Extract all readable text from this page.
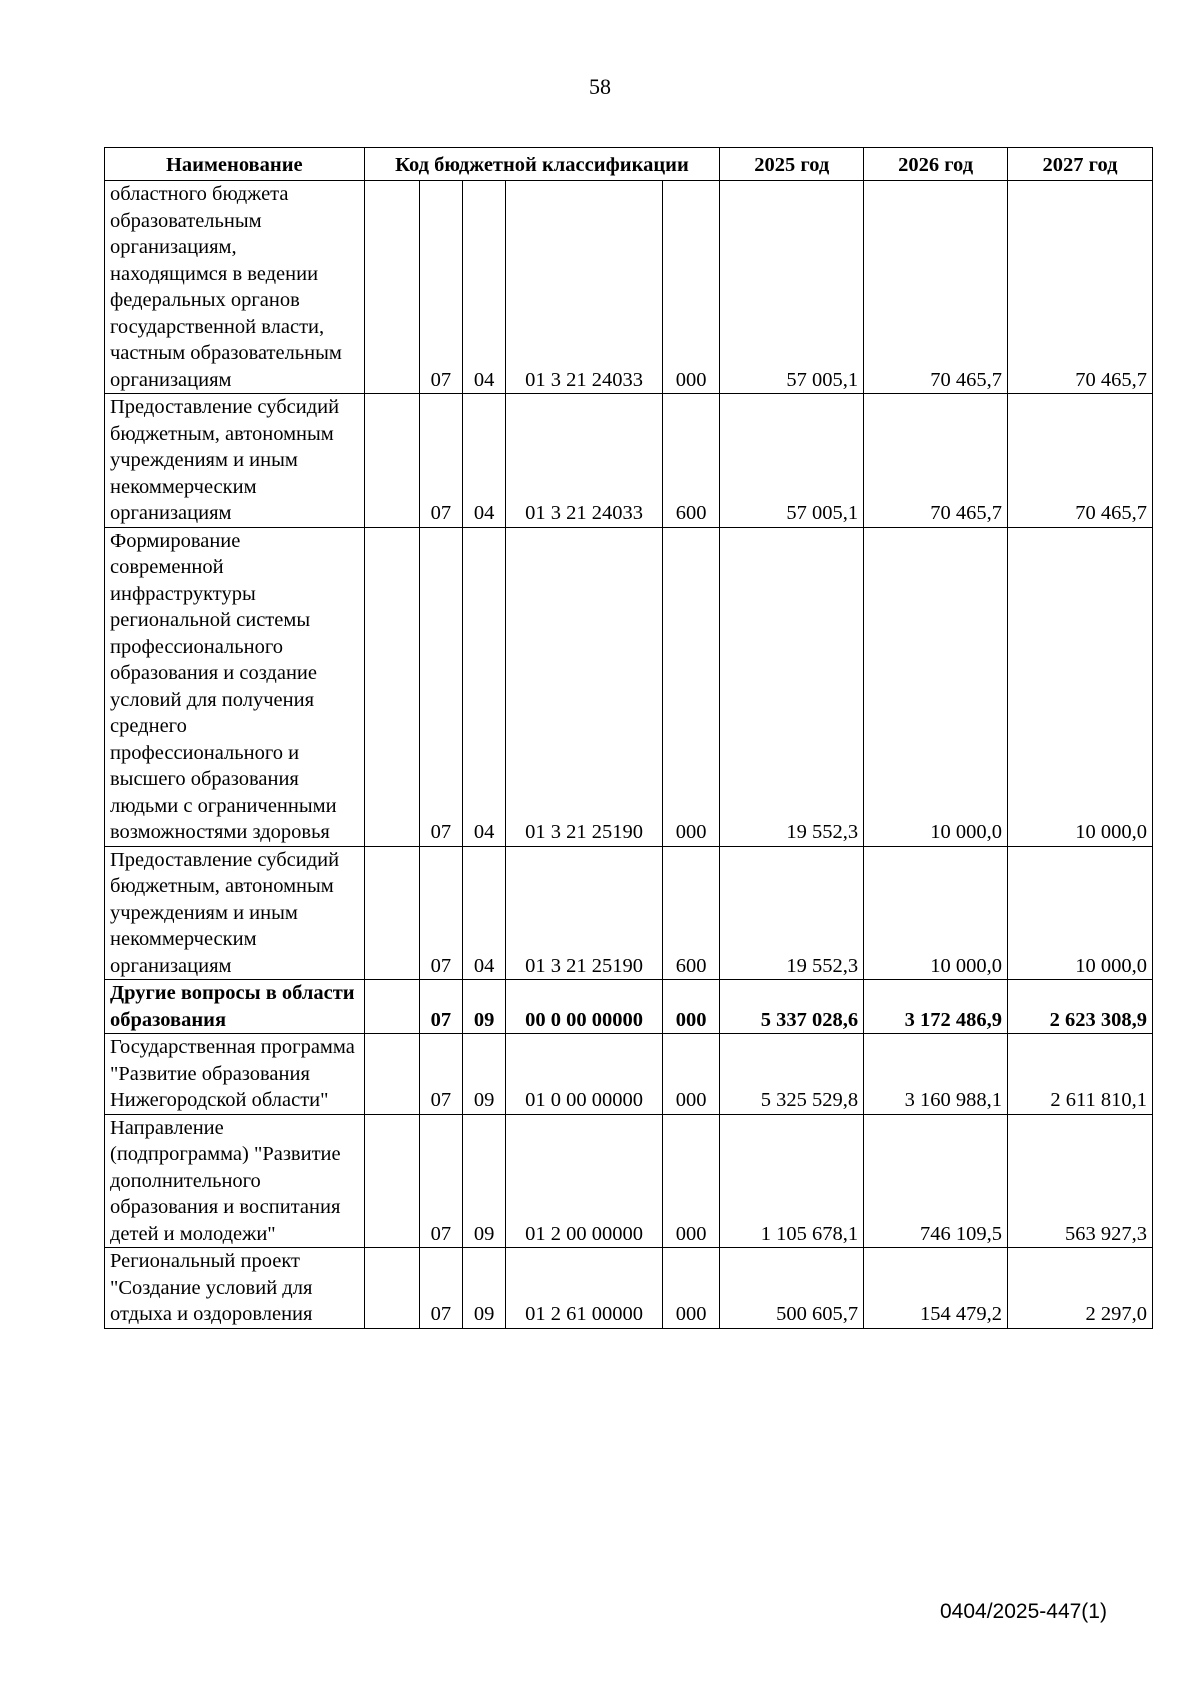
58
Наименование	Код бюджетной классификации					2025 год	2026 год	2027 год
областного бюджета образовательным организациям, находящимся в ведении федеральных органов государственной власти, частным образовательным организациям		07	04	01 3 21 24033	000	57 005,1	70 465,7	70 465,7
Предоставление субсидий бюджетным, автономным учреждениям и иным некоммерческим организациям		07	04	01 3 21 24033	600	57 005,1	70 465,7	70 465,7
Формирование современной инфраструктуры региональной системы профессионального образования и создание условий для получения среднего профессионального и высшего образования людьми с ограниченными возможностями здоровья		07	04	01 3 21 25190	000	19 552,3	10 000,0	10 000,0
Предоставление субсидий бюджетным, автономным учреждениям и иным некоммерческим организациям		07	04	01 3 21 25190	600	19 552,3	10 000,0	10 000,0
Другие вопросы в области образования		07	09	00 0 00 00000	000	5 337 028,6	3 172 486,9	2 623 308,9
Государственная программа "Развитие образования Нижегородской области"		07	09	01 0 00 00000	000	5 325 529,8	3 160 988,1	2 611 810,1
Направление (подпрограмма) "Развитие дополнительного образования и воспитания детей и молодежи"		07	09	01 2 00 00000	000	1 105 678,1	746 109,5	563 927,3
Региональный проект "Создание условий для отдыха и оздоровления		07	09	01 2 61 00000	000	500 605,7	154 479,2	2 297,0
0404/2025-447(1)
